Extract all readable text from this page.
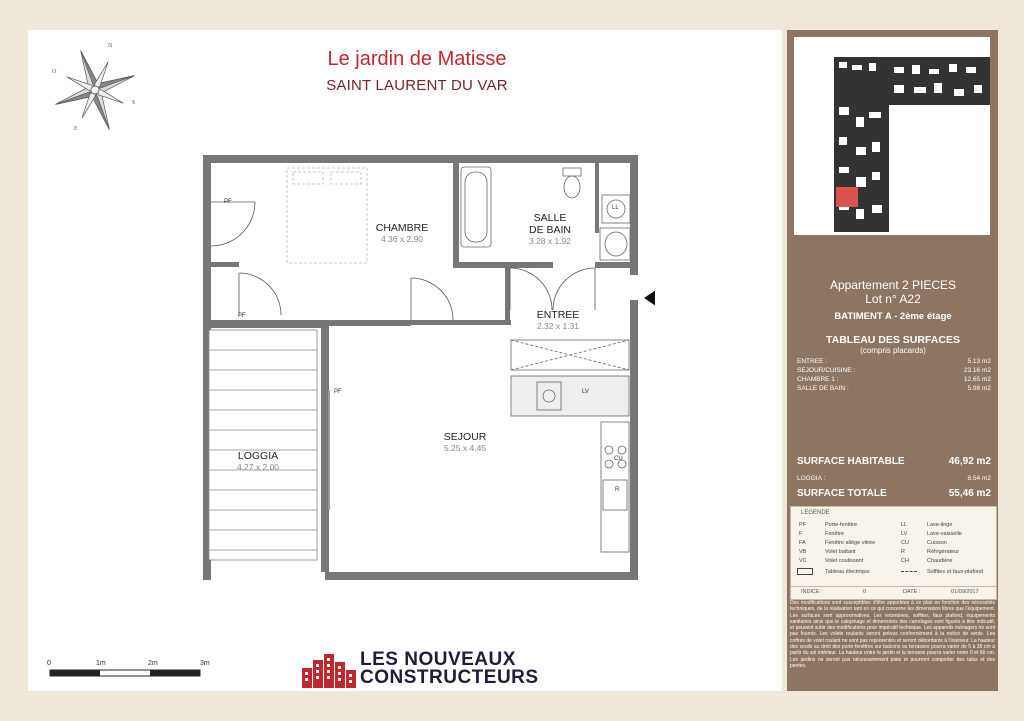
Le jardin de Matisse
SAINT LAURENT DU VAR
N
S
O
E
CHAMBRE
4.36 x 2.90
SALLE
DE BAIN
3.28 x 1.92
ENTREE
2.32 x 1.31
SEJOUR
5.25 x 4.45
LOGGIA
4.27 x 2.00
PF
PF
PF
LL
LV
CU
R
0	1m	2m	3m	LES NOUVEAUX
CONSTRUCTEURS
Appartement 2 PIECES
Lot n° A22
BATIMENT A - 2ème étage
TABLEAU DES SURFACES
(compris placards)
ENTREE :	5.13 m2
SEJOUR/CUISINE :	23.16 m2
CHAMBRE 1 :	12.65 m2
SALLE DE BAIN :	5.98 m2
SURFACE HABITABLE	46,92 m2
LOGGIA :	8.54 m2
SURFACE TOTALE	55,46 m2
LEGENDE
PF	Porte-fenêtre
F	Fenêtre
FA	Fenêtre allège vitrée
VB	Volet battant
VC	Volet coulissant
Tableau électrique
LL	Lave-linge
LV	Lave-vaisselle
CU	Cuisson
R	Réfrigérateur
CH	Chaudière
Soffites et faux-plafond
INDICE :	0	DATE :	01/09/2017
Des modifications sont susceptibles d'être apportées à ce plan en fonction des nécessités techniques, de la réalisation tant en ce qui concerne les dimensions libres que l'équipement. Les surfaces sont approximatives. Les retombées, soffites, faux plafond, équipements sanitaires ainsi que le calepinage et dimensions des carrelages sont figurés à titre indicatif, et peuvent subir des modifications pour impératif technique. Les appareils ménagers ne sont pas fournis. Les volets roulants seront prévus conformément à la notice de vente. Les coffres de volet roulant ne sont pas représentés et seront débordants à l'intérieur. La hauteur des seuils au droit des porte-fenêtres sur balcons ou terrasses pourra varier de 5 à 35 cm à partir du sol intérieur. La hauteur entre le jardin et la terrasse pourra varier entre 0 et 60 cm. Les jardins ne seront pas nécessairement plats et pourront comporter des talus et des pentes.
